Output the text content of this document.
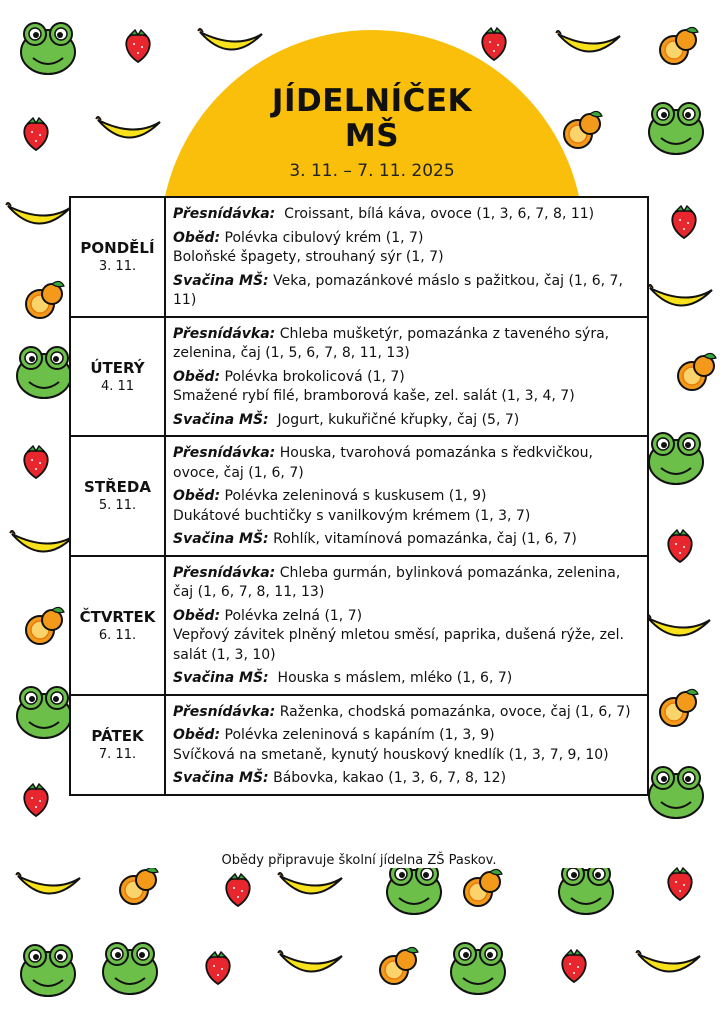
JÍDELNÍČEK
MŠ
3. 11. – 7. 11. 2025
PONDĚLÍ
3. 11.
Přesnídávka:  Croissant, bílá káva, ovoce (1, 3, 6, 7, 8, 11)
Oběd: Polévka cibulový krém (1, 7)
Boloňské špagety, strouhaný sýr (1, 7)
Svačina MŠ: Veka, pomazánkové máslo s pažitkou, čaj (1, 6, 7, 11)
ÚTERÝ
4. 11
Přesnídávka: Chleba mušketýr, pomazánka z taveného sýra, zelenina, čaj (1, 5, 6, 7, 8, 11, 13)
Oběd: Polévka brokolicová (1, 7)
Smažené rybí filé, bramborová kaše, zel. salát (1, 3, 4, 7)
Svačina MŠ:  Jogurt, kukuřičné křupky, čaj (5, 7)
STŘEDA
5. 11.
Přesnídávka: Houska, tvarohová pomazánka s ředkvičkou, ovoce, čaj (1, 6, 7)
Oběd: Polévka zeleninová s kuskusem (1, 9)
Dukátové buchtičky s vanilkovým krémem (1, 3, 7)
Svačina MŠ: Rohlík, vitamínová pomazánka, čaj (1, 6, 7)
ČTVRTEK
6. 11.
Přesnídávka: Chleba gurmán, bylinková pomazánka, zelenina, čaj (1, 6, 7, 8, 11, 13)
Oběd: Polévka zelná (1, 7)
Vepřový závitek plněný mletou směsí, paprika, dušená rýže, zel. salát (1, 3, 10)
Svačina MŠ:  Houska s máslem, mléko (1, 6, 7)
PÁTEK
7. 11.
Přesnídávka: Raženka, chodská pomazánka, ovoce, čaj (1, 6, 7)
Oběd: Polévka zeleninová s kapáním (1, 3, 9)
Svíčková na smetaně, kynutý houskový knedlík (1, 3, 7, 9, 10)
Svačina MŠ: Bábovka, kakao (1, 3, 6, 7, 8, 12)
Obědy připravuje školní jídelna ZŠ Paskov.
